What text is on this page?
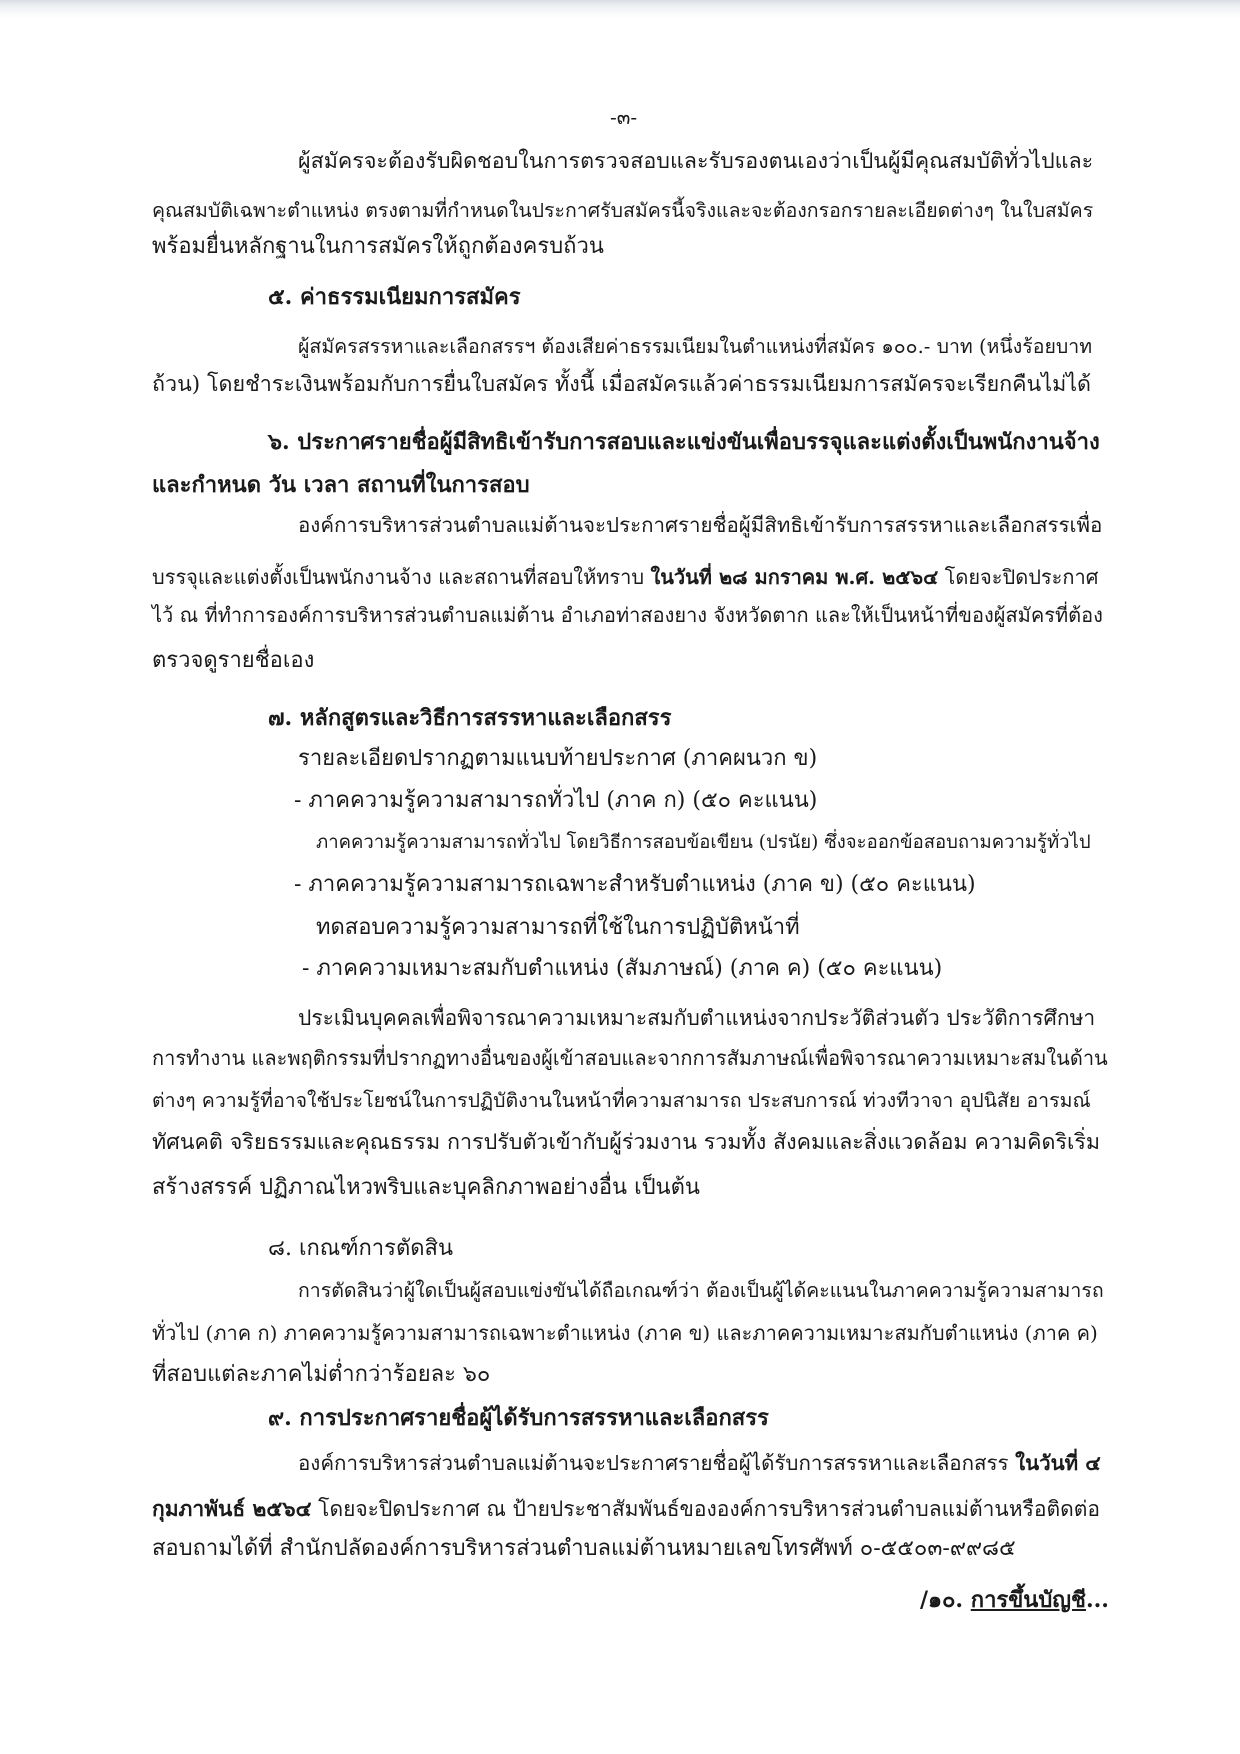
-๓-
ผู้สมัครจะต้องรับผิดชอบในการตรวจสอบและรับรองตนเองว่าเป็นผู้มีคุณสมบัติทั่วไปและ
คุณสมบัติเฉพาะตำแหน่ง ตรงตามที่กำหนดในประกาศรับสมัครนี้จริงและจะต้องกรอกรายละเอียดต่างๆ ในใบสมัคร
พร้อมยื่นหลักฐานในการสมัครให้ถูกต้องครบถ้วน
๕. ค่าธรรมเนียมการสมัคร
ผู้สมัครสรรหาและเลือกสรรฯ ต้องเสียค่าธรรมเนียมในตำแหน่งที่สมัคร ๑๐๐.- บาท (หนึ่งร้อยบาท
ถ้วน) โดยชำระเงินพร้อมกับการยื่นใบสมัคร ทั้งนี้ เมื่อสมัครแล้วค่าธรรมเนียมการสมัครจะเรียกคืนไม่ได้
๖. ประกาศรายชื่อผู้มีสิทธิเข้ารับการสอบและแข่งขันเพื่อบรรจุและแต่งตั้งเป็นพนักงานจ้าง
และกำหนด วัน เวลา สถานที่ในการสอบ
องค์การบริหารส่วนตำบลแม่ต้านจะประกาศรายชื่อผู้มีสิทธิเข้ารับการสรรหาและเลือกสรรเพื่อ
บรรจุและแต่งตั้งเป็นพนักงานจ้าง และสถานที่สอบให้ทราบ ในวันที่ ๒๘ มกราคม พ.ศ. ๒๕๖๔ โดยจะปิดประกาศ
ไว้ ณ ที่ทำการองค์การบริหารส่วนตำบลแม่ต้าน อำเภอท่าสองยาง จังหวัดตาก และให้เป็นหน้าที่ของผู้สมัครที่ต้อง
ตรวจดูรายชื่อเอง
๗. หลักสูตรและวิธีการสรรหาและเลือกสรร
รายละเอียดปรากฏตามแนบท้ายประกาศ (ภาคผนวก ข)
- ภาคความรู้ความสามารถทั่วไป (ภาค ก) (๕๐ คะแนน)
ภาคความรู้ความสามารถทั่วไป โดยวิธีการสอบข้อเขียน (ปรนัย) ซึ่งจะออกข้อสอบถามความรู้ทั่วไป
- ภาคความรู้ความสามารถเฉพาะสำหรับตำแหน่ง (ภาค ข) (๕๐ คะแนน)
ทดสอบความรู้ความสามารถที่ใช้ในการปฏิบัติหน้าที่
- ภาคความเหมาะสมกับตำแหน่ง (สัมภาษณ์) (ภาค ค) (๕๐ คะแนน)
ประเมินบุคคลเพื่อพิจารณาความเหมาะสมกับตำแหน่งจากประวัติส่วนตัว ประวัติการศึกษา
การทำงาน และพฤติกรรมที่ปรากฏทางอื่นของผู้เข้าสอบและจากการสัมภาษณ์เพื่อพิจารณาความเหมาะสมในด้าน
ต่างๆ ความรู้ที่อาจใช้ประโยชน์ในการปฏิบัติงานในหน้าที่ความสามารถ ประสบการณ์ ท่วงทีวาจา อุปนิสัย อารมณ์
ทัศนคติ จริยธรรมและคุณธรรม การปรับตัวเข้ากับผู้ร่วมงาน รวมทั้ง สังคมและสิ่งแวดล้อม ความคิดริเริ่ม
สร้างสรรค์ ปฏิภาณไหวพริบและบุคลิกภาพอย่างอื่น เป็นต้น
๘. เกณฑ์การตัดสิน
การตัดสินว่าผู้ใดเป็นผู้สอบแข่งขันได้ถือเกณฑ์ว่า ต้องเป็นผู้ได้คะแนนในภาคความรู้ความสามารถ
ทั่วไป (ภาค ก) ภาคความรู้ความสามารถเฉพาะตำแหน่ง (ภาค ข) และภาคความเหมาะสมกับตำแหน่ง (ภาค ค)
ที่สอบแต่ละภาคไม่ต่ำกว่าร้อยละ ๖๐
๙. การประกาศรายชื่อผู้ได้รับการสรรหาและเลือกสรร
องค์การบริหารส่วนตำบลแม่ต้านจะประกาศรายชื่อผู้ได้รับการสรรหาและเลือกสรร ในวันที่ ๔
กุมภาพันธ์ ๒๕๖๔ โดยจะปิดประกาศ ณ ป้ายประชาสัมพันธ์ขององค์การบริหารส่วนตำบลแม่ต้านหรือติดต่อ
สอบถามได้ที่ สำนักปลัดองค์การบริหารส่วนตำบลแม่ต้านหมายเลขโทรศัพท์ ๐-๕๕๐๓-๙๙๘๕
/๑๐. การขึ้นบัญชี...
